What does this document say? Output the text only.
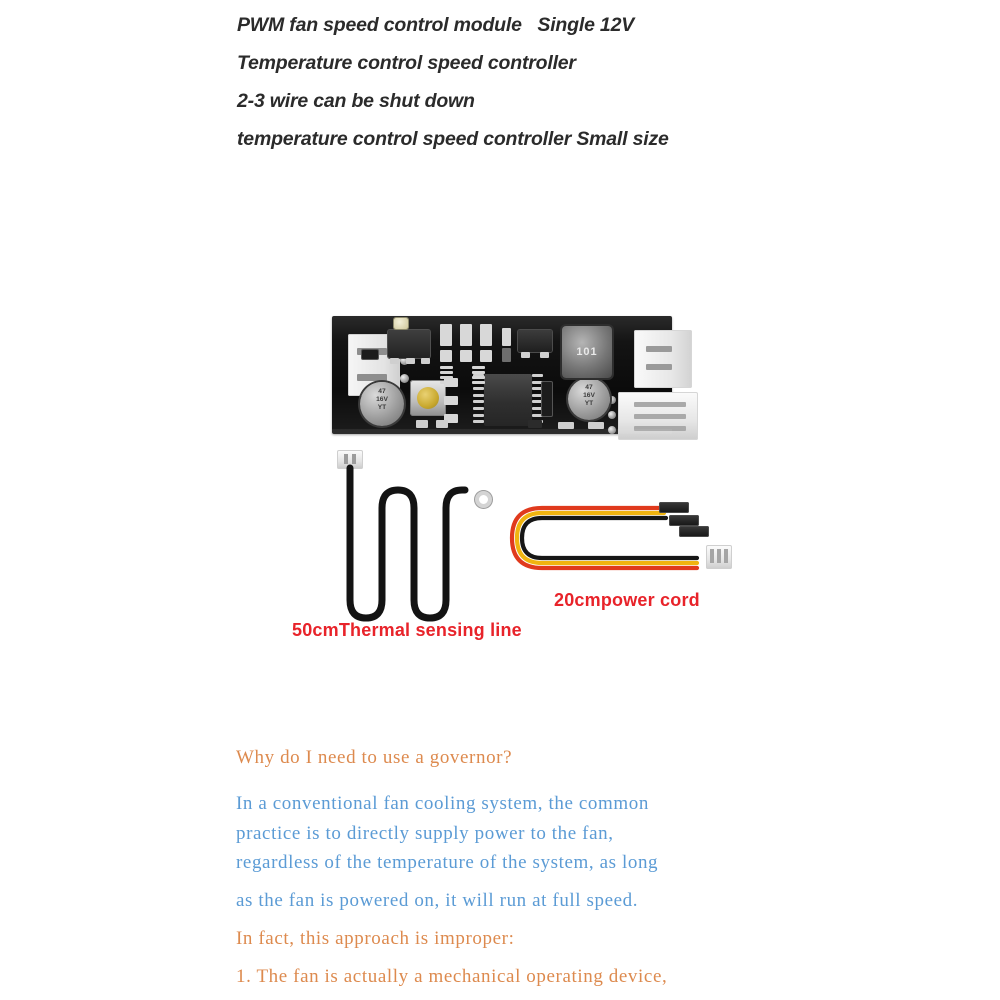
PWM fan speed control module   Single 12V
Temperature control speed controller
2-3 wire can be shut down
temperature control speed controller Small size
47
16V
YT
47
16V
YT
101
50cmThermal sensing line
20cmpower cord
Why do I need to use a governor?
In a conventional fan cooling system, the common
practice is to directly supply power to the fan,
regardless of the temperature of the system, as long
as the fan is powered on, it will run at full speed.
In fact, this approach is improper:
1. The fan is actually a mechanical operating device,
